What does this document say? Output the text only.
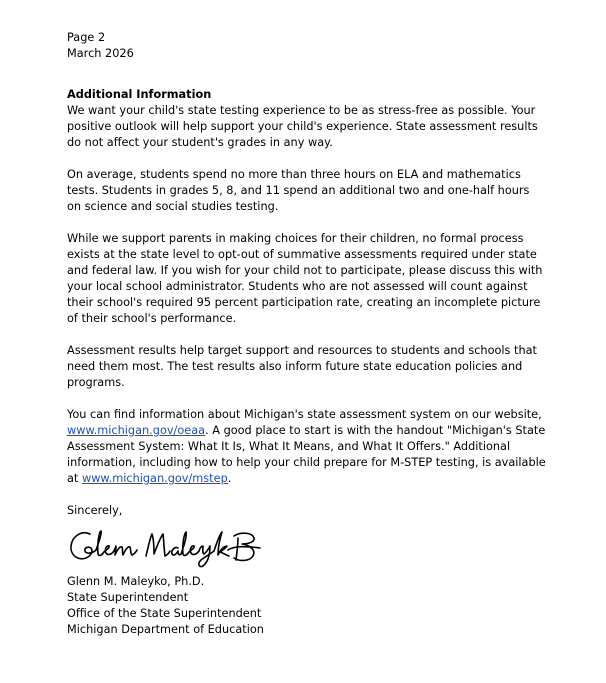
Page 2

March 2026

Additional Information

We want your child's state testing experience to be as stress-free as possible. Your positive outlook will help support your child's experience. State assessment results do not affect your student's grades in any way.

On average, students spend no more than three hours on ELA and mathematics tests. Students in grades 5, 8, and 11 spend an additional two and one-half hours on science and social studies testing.

While we support parents in making choices for their children, no formal process exists at the state level to opt-out of summative assessments required under state and federal law. If you wish for your child not to participate, please discuss this with your local school administrator. Students who are not assessed will count against their school's required 95 percent participation rate, creating an incomplete picture of their school's performance.

Assessment results help target support and resources to students and schools that need them most. The test results also inform future state education policies and programs.

You can find information about Michigan's state assessment system on our website, www.michigan.gov/oeaa. A good place to start is with the handout "Michigan's State Assessment System: What It Is, What It Means, and What It Offers." Additional information, including how to help your child prepare for M-STEP testing, is available at www.michigan.gov/mstep.

Sincerely,

Glenn M. Maleyko, Ph.D.

State Superintendent

Office of the State Superintendent

Michigan Department of Education
